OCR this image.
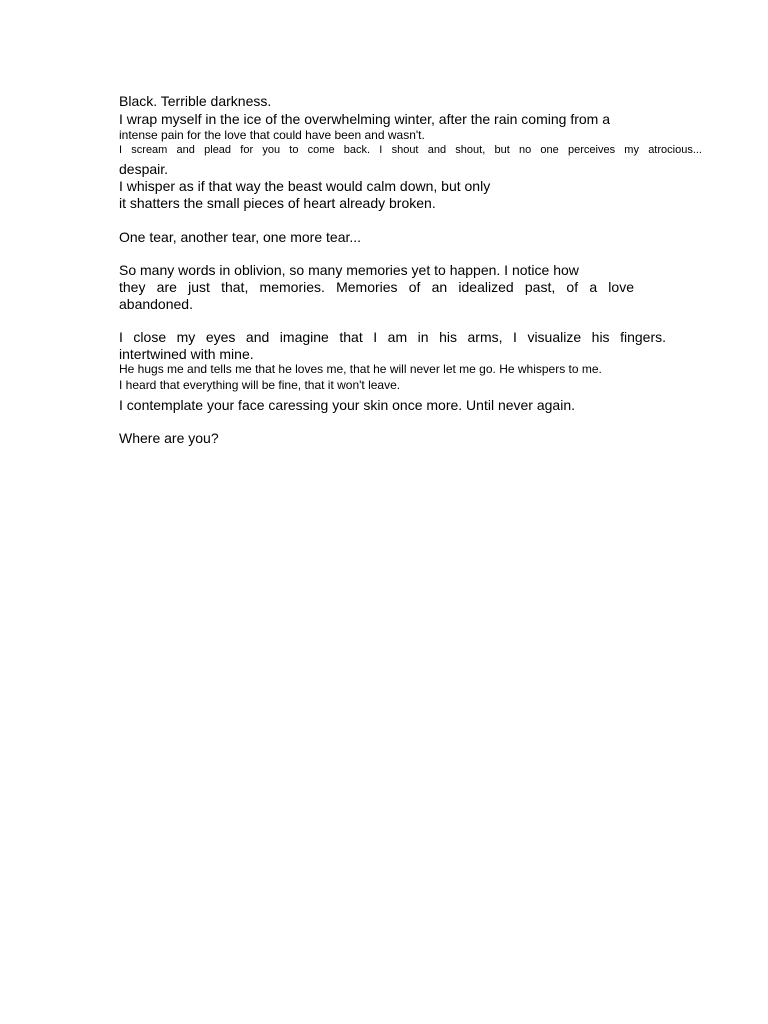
Black. Terrible darkness.

I wrap myself in the ice of the overwhelming winter, after the rain coming from a

intense pain for the love that could have been and wasn't.

I scream and plead for you to come back. I shout and shout, but no one perceives my atrocious...

despair.

I whisper as if that way the beast would calm down, but only

it shatters the small pieces of heart already broken.

One tear, another tear, one more tear...

So many words in oblivion, so many memories yet to happen. I notice how

they are just that, memories. Memories of an idealized past, of a love

abandoned.

I close my eyes and imagine that I am in his arms, I visualize his fingers.

intertwined with mine.

He hugs me and tells me that he loves me, that he will never let me go. He whispers to me.

I heard that everything will be fine, that it won't leave.

I contemplate your face caressing your skin once more. Until never again.

Where are you?
